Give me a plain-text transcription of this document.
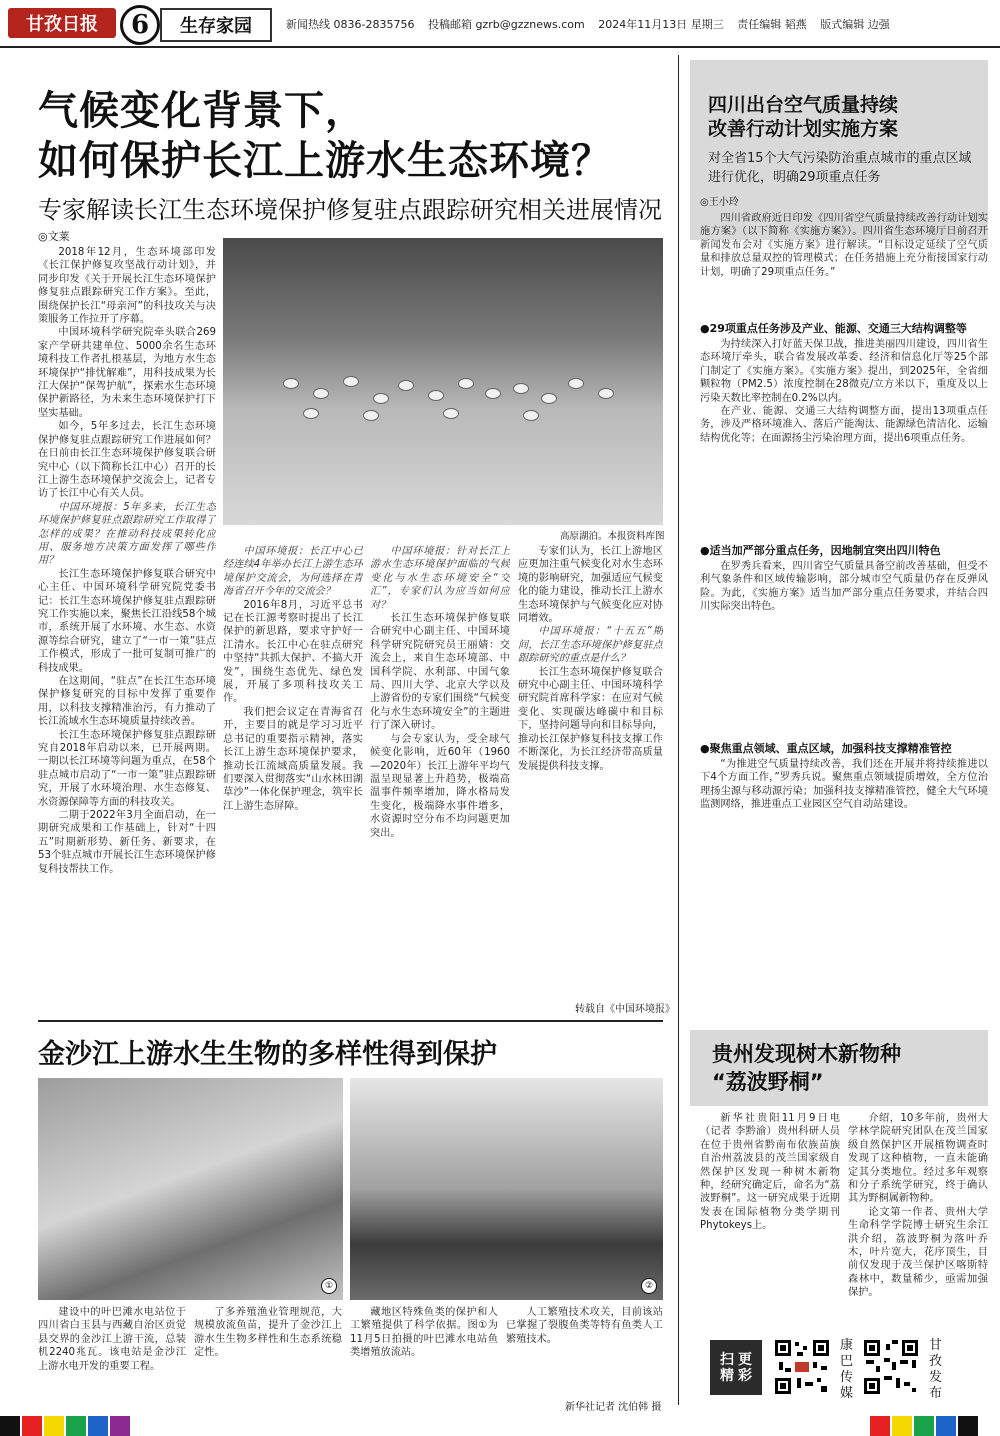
甘孜日报	6	生存家园	新闻热线 0836-2835756 投稿邮箱 gzrb@gzznews.com 2024年11月13日 星期三 责任编辑 韬燕 版式编辑 边强
气候变化背景下，
如何保护长江上游水生态环境？
专家解读长江生态环境保护修复驻点跟踪研究相关进展情况
◎文莱

2018年12月，生态环境部印发《长江保护修复攻坚战行动计划》，并同步印发《关于开展长江生态环境保护修复驻点跟踪研究工作方案》。至此，围绕保护长江“母亲河”的科技攻关与决策服务工作拉开了序幕。

中国环境科学研究院牵头联合269家产学研共建单位、5000余名生态环境科技工作者扎根基层，为地方水生态环境保护“排忧解难”，用科技成果为长江大保护“保驾护航”，探索水生态环境保护新路径，为未来生态环境保护打下坚实基础。

如今，5年多过去，长江生态环境保护修复驻点跟踪研究工作进展如何？在日前由长江生态环境保护修复联合研究中心（以下简称长江中心）召开的长江上游生态环境保护交流会上，记者专访了长江中心有关人员。

中国环境报：5年多来，长江生态环境保护修复驻点跟踪研究工作取得了怎样的成果？在推动科技成果转化应用、服务地方决策方面发挥了哪些作用？

长江生态环境保护修复联合研究中心主任、中国环境科学研究院党委书记：长江生态环境保护修复驻点跟踪研究工作实施以来，聚焦长江沿线58个城市，系统开展了水环境、水生态、水资源等综合研究，建立了“一市一策”驻点工作模式，形成了一批可复制可推广的科技成果。

在这期间，“驻点”在长江生态环境保护修复研究的目标中发挥了重要作用，以科技支撑精准治污，有力推动了长江流域水生态环境质量持续改善。

长江生态环境保护修复驻点跟踪研究自2018年启动以来，已开展两期。一期以长江环境等问题为重点，在58个驻点城市启动了“一市一策”驻点跟踪研究，开展了水环境治理、水生态修复、水资源保障等方面的科技攻关。

二期于2022年3月全面启动，在一期研究成果和工作基础上，针对“十四五”时期新形势、新任务、新要求，在53个驻点城市开展长江生态环境保护修复科技帮扶工作。

高原湖泊。本报资料库图

中国环境报：长江中心已经连续4年举办长江上游生态环境保护交流会，为何选择在青海省召开今年的交流会？

2016年8月，习近平总书记在长江源考察时提出了长江保护的新思路，要求守护好一江清水。长江中心在驻点研究中坚持“共抓大保护、不搞大开发”，围绕生态优先、绿色发展，开展了多项科技攻关工作。

我们把会议定在青海省召开，主要目的就是学习习近平总书记的重要指示精神，落实长江上游生态环境保护要求，推动长江流域高质量发展。我们要深入贯彻落实“山水林田湖草沙”一体化保护理念，筑牢长江上游生态屏障。

中国环境报：针对长江上游水生态环境保护面临的气候变化与水生态环境安全“交汇”，专家们认为应当如何应对？

长江生态环境保护修复联合研究中心副主任、中国环境科学研究院研究员王丽婧：交流会上，来自生态环境部、中国科学院、水利部、中国气象局、四川大学、北京大学以及上游省份的专家们围绕“气候变化与水生态环境安全”的主题进行了深入研讨。

与会专家认为，受全球气候变化影响，近60年（1960—2020年）长江上游年平均气温呈现显著上升趋势，极端高温事件频率增加，降水格局发生变化，极端降水事件增多，水资源时空分布不均问题更加突出。

专家们认为，长江上游地区应更加注重气候变化对水生态环境的影响研究，加强适应气候变化的能力建设，推动长江上游水生态环境保护与气候变化应对协同增效。

中国环境报：“十五五”期间，长江生态环境保护修复驻点跟踪研究的重点是什么？

长江生态环境保护修复联合研究中心副主任、中国环境科学研究院首席科学家：在应对气候变化、实现碳达峰碳中和目标下，坚持问题导向和目标导向，推动长江保护修复科技支撑工作不断深化，为长江经济带高质量发展提供科技支撑。

转载自《中国环境报》
金沙江上游水生生物的多样性得到保护
①	②

建设中的叶巴滩水电站位于四川省白玉县与西藏自治区贡觉县交界的金沙江上游干流，总装机2240兆瓦。该电站是金沙江上游水电开发的重要工程。

了多养殖渔业管理规范，大规模放流鱼苗，提升了金沙江上游水生生物多样性和生态系统稳定性。

藏地区特殊鱼类的保护和人工繁殖提供了科学依据。图①为11月5日拍摄的叶巴滩水电站鱼类增殖放流站。

人工繁殖技术攻关，目前该站已掌握了裂腹鱼类等特有鱼类人工繁殖技术。

新华社记者 沈伯韩 摄
四川出台空气质量持续
改善行动计划实施方案
对全省15个大气污染防治重点城市的重点区域进行优化，明确29项重点任务
◎王小玲

四川省政府近日印发《四川省空气质量持续改善行动计划实施方案》（以下简称《实施方案》）。四川省生态环境厅日前召开新闻发布会对《实施方案》进行解读。“目标设定延续了空气质量和排放总量双控的管理模式；在任务措施上充分衔接国家行动计划，明确了29项重点任务。”

●29项重点任务涉及产业、能源、交通三大结构调整等

为持续深入打好蓝天保卫战，推进美丽四川建设，四川省生态环境厅牵头，联合省发展改革委、经济和信息化厅等25个部门制定了《实施方案》。《实施方案》提出，到2025年，全省细颗粒物（PM2.5）浓度控制在28微克/立方米以下，重度及以上污染天数比率控制在0.2%以内。

在产业、能源、交通三大结构调整方面，提出13项重点任务，涉及严格环境准入、落后产能淘汰、能源绿色清洁化、运输结构优化等；在面源扬尘污染治理方面，提出6项重点任务。

●适当加严部分重点任务，因地制宜突出四川特色

在罗秀兵看来，四川省空气质量具备空前改善基础，但受不利气象条件和区域传输影响，部分城市空气质量仍存在反弹风险。为此，《实施方案》适当加严部分重点任务要求，并结合四川实际突出特色。

●聚焦重点领域、重点区域，加强科技支撑精准管控

“为推进空气质量持续改善，我们还在开展并将持续推进以下4个方面工作，”罗秀兵说。聚焦重点领域提质增效，全方位治理扬尘源与移动源污染；加强科技支撑精准管控，健全大气环境监测网络，推进重点工业园区空气自动站建设。

贵州发现树木新物种
“荔波野桐”

新华社贵阳11月9日电（记者 李黔渝）贵州科研人员在位于贵州省黔南布依族苗族自治州荔波县的茂兰国家级自然保护区发现一种树木新物种，经研究确定后，命名为“荔波野桐”。这一研究成果于近期发表在国际植物分类学期刊Phytokeys上。

介绍，10多年前，贵州大学林学院研究团队在茂兰国家级自然保护区开展植物调查时发现了这种植物，一直未能确定其分类地位。经过多年观察和分子系统学研究，终于确认其为野桐属新物种。

论文第一作者、贵州大学生命科学学院博士研究生余江洪介绍，荔波野桐为落叶乔木，叶片宽大，花序顶生，目前仅发现于茂兰保护区喀斯特森林中，数量稀少，亟需加强保护。

扫 更
精 彩
康巴传媒
甘孜发布
